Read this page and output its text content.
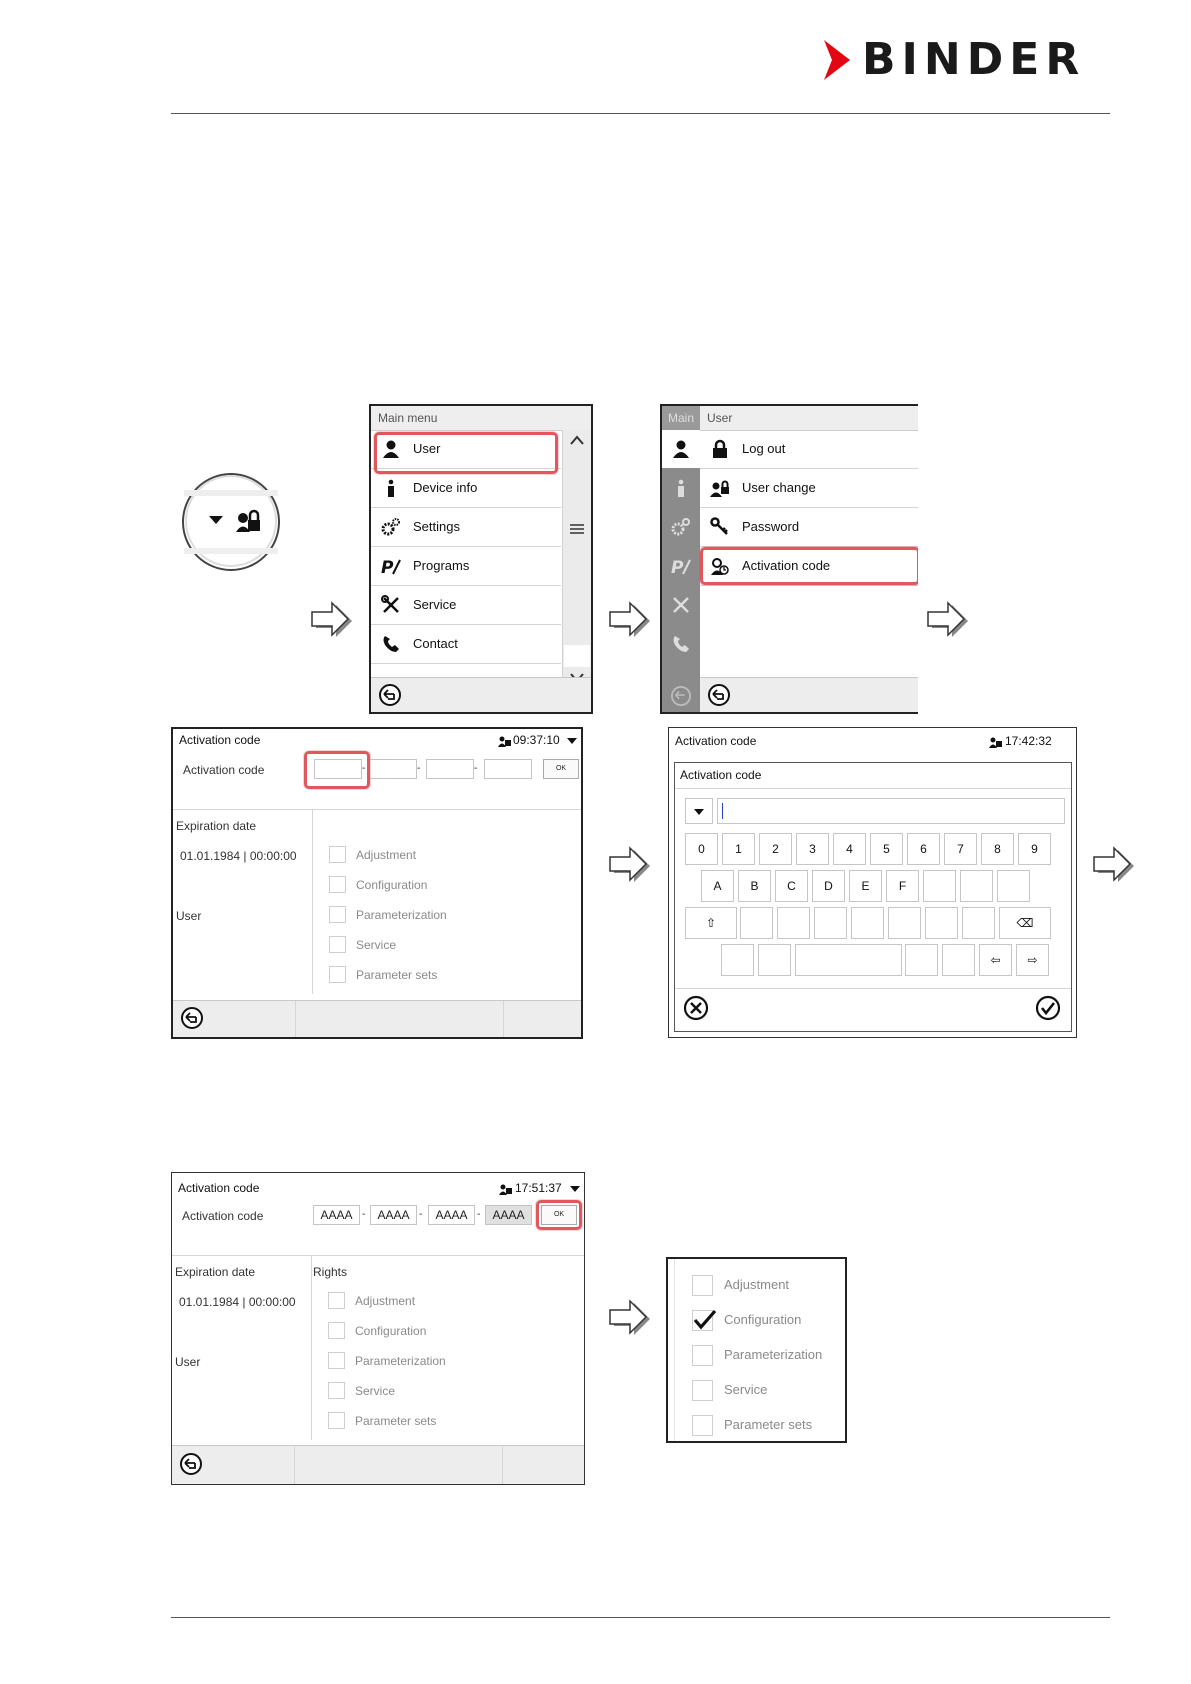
BINDER
Main menu
User
Device info
Settings
P Programs
Service
Contact
Main
P
User
Log out
User change
Password
Activation code
Activation code	09:37:10
Activation code	-	-	-	OK
Expiration date
01.01.1984 | 00:00:00
User
Adjustment
Configuration
Parameterization
Service
Parameter sets
Activation code	17:42:32
Activation code
0	1	2	3	4	5	6	7	8	9
A	B	C	D	E	F
⇧	⌫
⇦	⇨
Activation code	17:51:37
Activation code	AAAA -	AAAA -	AAAA -	AAAA	OK
Expiration date	Rights
01.01.1984 | 00:00:00
User
Adjustment
Configuration
Parameterization
Service
Parameter sets
Adjustment
Configuration
Parameterization
Service
Parameter sets
